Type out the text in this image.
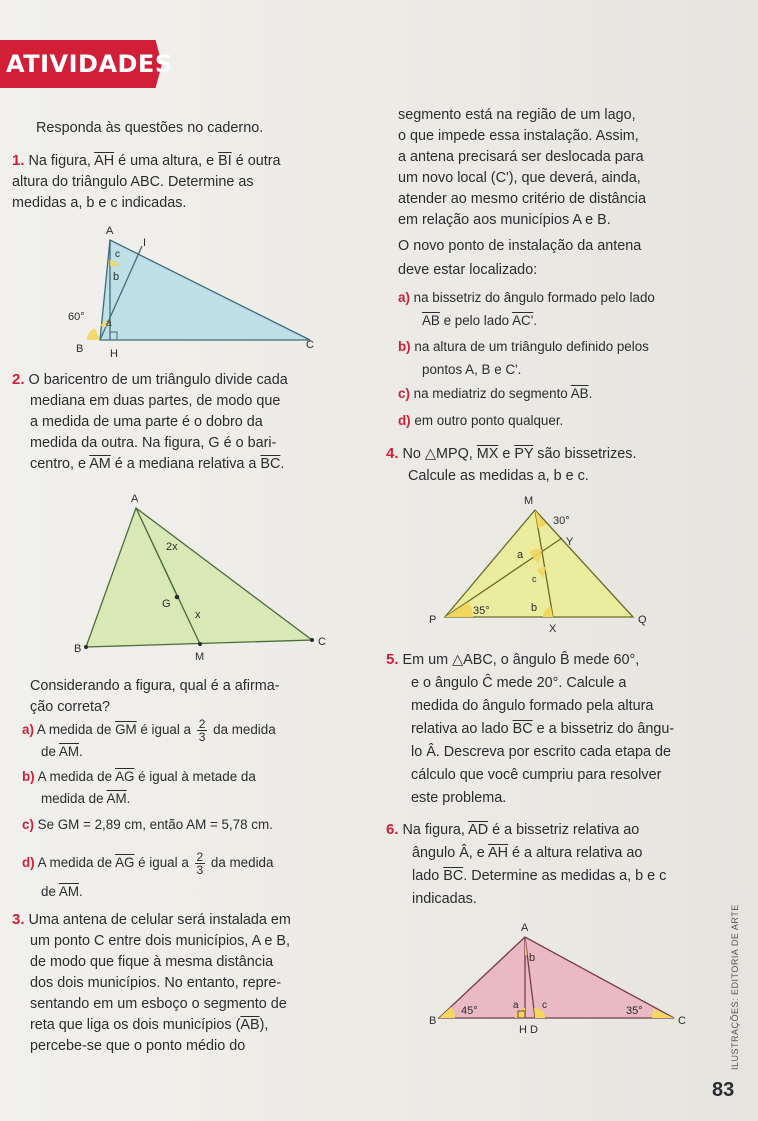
ATIVIDADES
Responda às questões no caderno.
1. Na figura, $\overline{AH}$ é uma altura, e $\overline{BI}$ é outra
altura do triângulo ABC. Determine as
medidas a, b e c indicadas.
2. O baricentro de um triângulo divide cada
mediana em duas partes, de modo que
a medida de uma parte é o dobro da
medida da outra. Na figura, G é o bari-
centro, e $\overline{AM}$ é a mediana relativa a $\overline{BC}$.
Considerando a figura, qual é a afirma-
ção correta?
a) A medida de $\overline{GM}$ é igual a $\frac{2}{3}$ da medida
de $\overline{AM}$.
b) A medida de $\overline{AG}$ é igual à metade da
medida de $\overline{AM}$.
c) Se GM = 2,89 cm, então AM = 5,78 cm.
d) A medida de $\overline{AG}$ é igual a $\frac{2}{3}$ da medida
de $\overline{AM}$.
3. Uma antena de celular será instalada em
um ponto C entre dois municípios, A e B,
de modo que fique à mesma distância
dos dois municípios. No entanto, repre-
sentando em um esboço o segmento de
reta que liga os dois municípios $(\overline{AB})$,
percebe-se que o ponto médio do
A
I
c
b
a
60°
B H
C
A
2x
G
x
B
M
C
segmento está na região de um lago,
o que impede essa instalação. Assim,
a antena precisará ser deslocada para
um novo local (C'), que deverá, ainda,
atender ao mesmo critério de distância
em relação aos municípios A e B.
O novo ponto de instalação da antena
deve estar localizado:
a) na bissetriz do ângulo formado pelo lado
$\overline{AB}$ e pelo lado AC'.
b) na altura de um triângulo definido pelos
pontos A, B e C'.
c) na mediatriz do segmento $\overline{AB}$.
d) em outro ponto qualquer.
4. No △MPQ, $\overline{MX}$ e $\overline{PY}$ são bissetrizes.
Calcule as medidas a, b e c.
5. Em um △ABC, o ângulo B̂ mede 60°,
e o ângulo Ĉ mede 20°. Calcule a
medida do ângulo formado pela altura
relativa ao lado $\overline{BC}$ e a bissetriz do ângu-
lo Â. Descreva por escrito cada etapa de
cálculo que você cumpriu para resolver
este problema.
6. Na figura, $\overline{AD}$ é a bissetriz relativa ao
ângulo Â, e $\overline{AH}$ é a altura relativa ao
lado $\overline{BC}$. Determine as medidas a, b e c
indicadas.
M
30°
Y
a
c
P
35°	b
X
Q
A
b
a c
45°	35°
B
H D
C	ILUSTRAÇÕES: EDITORIA DE ARTE
83
